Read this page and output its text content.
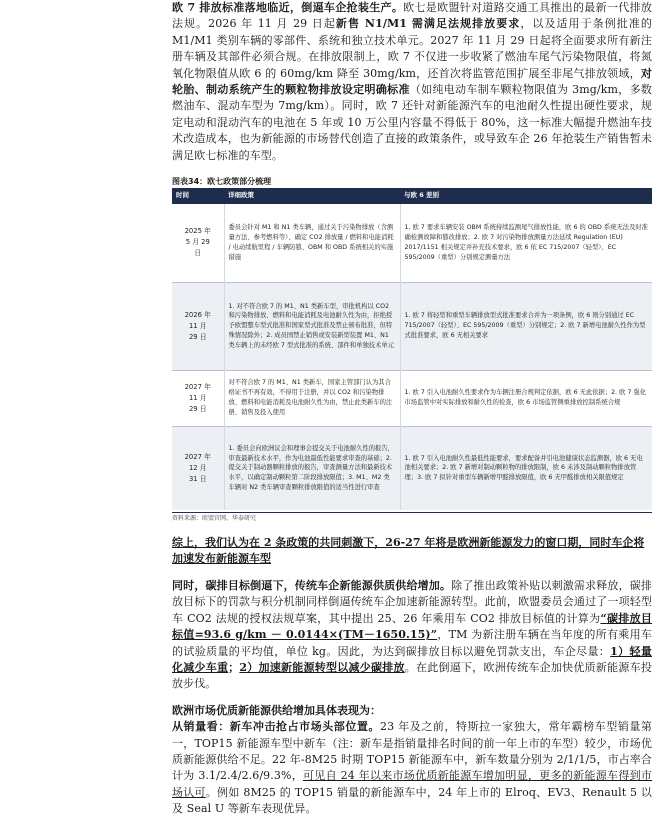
欧 7 排放标准落地临近，倒逼车企抢装生产。欧七是欧盟针对道路交通工具推出的最新一代排放法规。2026 年 11 月 29 日起新售 N1/M1 需满足法规排放要求，以及适用于条例批准的 M1/M1 类别车辆的零部件、系统和独立技术单元。2027 年 11 月 29 日起将全面要求所有新注册车辆及其部件必须合规。在排放限制上，欧 7 不仅进一步收紧了燃油车尾气污染物限值，将氮氧化物限值从欧 6 的 60mg/km 降至 30mg/km，还首次将监管范围扩展至非尾气排放领域，对轮胎、制动系统产生的颗粒物排放设定明确标准（如纯电动车制车颗粒物限值为 3mg/km，多数燃油车、混动车型为 7mg/km）。同时，欧 7 还针对新能源汽车的电池耐久性提出硬性要求，规定电动和混动汽车的电池在 5 年或 10 万公里内容量不得低于 80%，这一标准大幅提升燃油车技术改造成本，也为新能源的市场替代创造了直接的政策条件，或导致车企 26 年抢装生产销售暂未满足欧七标准的车型。

图表34：欧七政策部分梳理
时间	详细政策	与欧 6 差别
2025 年
5 月 29
日	委员会针对 M1 和 N1 类车辆，通过关于污染物排放（含测量方法、参考燃料等）、确定 CO2 排放量 / 燃料和电能消耗 / 电动续航里程 / 车辆防篡、OBM 和 OBD 系统相关的实施措施	1. 欧 7 要求车辆安装 OBM 系统持续监测尾气排放性能，欧 6 的 OBD 系统无法及时准确检测故障和篡改排放；2. 欧 7 对污染物排放测量方法延续 Regulation (EU) 2017/1151 相关规定并补充技术要求，欧 6 依 EC 715/2007（轻型）、EC 595/2009（重型）分别规定测量方法
2026 年
11 月
29 日	1. 对不符合欧 7 的 M1、N1 类新车型，审批机构以 CO2 和污染物排放、燃料和电能消耗及电池耐久性为由，拒绝授予欧盟整车型式批准和国家型式批准及禁止颁布批准，但特殊情况除外；2. 成员国禁止销售或安装新型装置 M1、N1 类车辆上的未经欧 7 型式批准的系统、部件和单独技术单元	1. 欧 7 将轻型和重型车辆排放型式批准要求合并为一项条例，欧 6 则分别通过 EC 715/2007（轻型）、EC 595/2009（重型）分别规定；2. 欧 7 新增电池耐久性作为型式批准要求，欧 6 无相关要求
2027 年
11 月
29 日	对不符合欧 7 的 M1、N1 类新车，国家主管部门认为其合格证书不再有效，不得用于注册，并以 CO2 和污染物排放、燃料和电能消耗及电池耐久性为由，禁止此类新车的注册、销售及投入使用	1. 欧 7 引入电池耐久性要求作为车辆注册合规判定依据，欧 6 无此依据；2. 欧 7 强化市场监管中对实际排放和耐久性的检查，欧 6 市场监管侧重排放控制系统合规
2027 年
12 月
31 日	1. 委员会向欧洲议会和理事会提交关于电池耐久性的报告，审查最新技术水平，作为电池最低性能要求审查的基础；2. 提交关于制动器颗粒排放的报告，审查测量方法和最新技术水平，以确定制动颗粒第二阶段排放限值；3. M1、M2 类车辆对 N2 类车辆审查颗粒排放限值的适当性进行审查	1. 欧 7 引入电池耐久性最低性能要求，要求配备并引电池健康状态监测器，欧 6 无电池相关要求；2. 欧 7 新增对制动颗粒物的排放限制，欧 6 未涉及制动颗粒物排放管理；3. 欧 7 拟针对重型车辆新增甲醛排放限值，欧 6 无甲醛排放相关限值规定
资料来源：欧盟官网、华泰研究

综上，我们认为在 2 条政策的共同刺激下，26-27 年将是欧洲新能源发力的窗口期，同时车企将加速发布新能源车型

同时，碳排目标倒逼下，传统车企新能源供质供给增加。除了推出政策补贴以刺激需求释放，碳排放目标下的罚款与积分机制同样倒逼传统车企加速新能源转型。此前，欧盟委员会通过了一项轻型车 CO2 法规的授权法规草案，其中提出 25、26 年乘用车 CO2 排放目标值的计算为“碳排放目标值=93.6 g/km － 0.0144×(TM－1650.15)”，TM 为新注册车辆在当年度的所有乘用车的试验质量的平均值，单位 kg。因此，为达到碳排放目标以避免罚款支出，车企尽量：1）轻量化减少车重；2）加速新能源转型以减少碳排放。在此倒逼下，欧洲传统车企加快优质新能源车投放步伐。

欧洲市场优质新能源供给增加具体表现为：

从销量看：新车冲击抢占市场头部位置。23 年及之前，特斯拉一家独大，常年霸榜车型销量第一，TOP15 新能源车型中新车（注：新车是指销量排名时间的前一年上市的车型）较少，市场优质新能源供给不足。22 年-8M25 时期 TOP15 新能源车中，新车数量分别为 2/1/1/5，市占率合计为 3.1/2.4/2.6/9.3%，可见自 24 年以来市场优质新能源车增加明显，更多的新能源车得到市场认可。例如 8M25 的 TOP15 销量的新能源车中，24 年上市的 Elroq、EV3、Renault 5 以及 Seal U 等新车表现优异。
